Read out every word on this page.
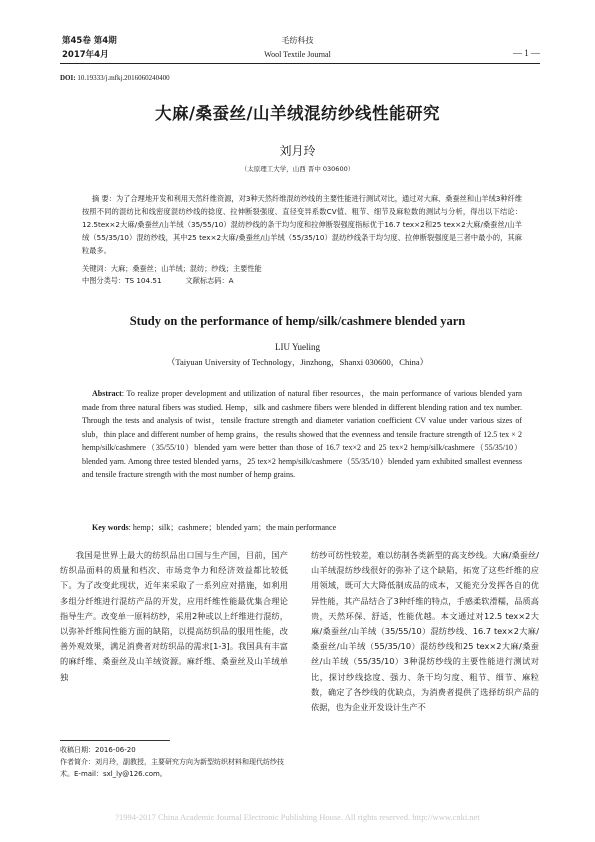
第45卷 第4期
2017年4月
毛纺科技
Wool Textile Journal	— 1 —
DOI: 10.19333/j.mfkj.2016060240400
大麻/桑蚕丝/山羊绒混纺纱线性能研究
刘月玲
（太原理工大学，山西 晋中 030600）

摘 要：为了合理地开发和利用天然纤维资源，对3种天然纤维混纺纱线的主要性能进行测试对比，通过对大麻、桑蚕丝和山羊绒3种纤维按照不同的混纺比和线密度混纺纱线的捻度、拉伸断裂强度、直径变异系数CV值、粗节、细节及麻粒数的测试与分析，得出以下结论：12.5tex×2大麻/桑蚕丝/山羊绒（35/55/10）混纺纱线的条干均匀度和拉伸断裂强度指标优于16.7 tex×2和25 tex×2大麻/桑蚕丝/山羊绒（55/35/10）混纺纱线，其中25 tex×2大麻/桑蚕丝/山羊绒（55/35/10）混纺纱线条干均匀度、拉伸断裂强度是三者中最小的，其麻粒最多。

关键词：大麻；桑蚕丝；山羊绒；混纺；纱线；主要性能
中图分类号：TS 104.51	文献标志码：A
Study on the performance of hemp/silk/cashmere blended yarn
LIU Yueling
（Taiyuan University of Technology，Jinzhong，Shanxi 030600，China）

Abstract: To realize proper development and utilization of natural fiber resources，the main performance of various blended yarn made from three natural fibers was studied. Hemp，silk and cashmere fibers were blended in different blending ration and tex number. Through the tests and analysis of twist，tensile fracture strength and diameter variation coefficient CV value under various sizes of slub，thin place and different number of hemp grains，the results showed that the evenness and tensile fracture strength of 12.5 tex × 2 hemp/silk/cashmere（35/55/10）blended yarn were better than those of 16.7 tex×2 and 25 tex×2 hemp/silk/cashmere（55/35/10）blended yarn. Among three tested blended yarns，25 tex×2 hemp/silk/cashmere（55/35/10）blended yarn exhibited smallest evenness and tensile fracture strength with the most number of hemp grains.

Key words: hemp；silk；cashmere；blended yarn；the main performance

我国是世界上最大的纺织品出口国与生产国，目前，国产纺织品面料的质量和档次、市场竞争力和经济效益都比较低下。为了改变此现状，近年来采取了一系列应对措施，如利用多组分纤维进行混纺产品的开发，应用纤维性能最优集合理论指导生产。改变单一原料纺纱，采用2种或以上纤维进行混纺，以弥补纤维间性能方面的缺陷，以提高纺织品的服用性能，改善外观效果，满足消费者对纺织品的需求[1-3]。我国具有丰富的麻纤维、桑蚕丝及山羊绒资源。麻纤维、桑蚕丝及山羊绒单独

纺纱可纺性较差，难以纺制各类新型的高支纱线。大麻/桑蚕丝/山羊绒混纺纱线很好的弥补了这个缺陷，拓宽了这些纤维的应用领域，既可大大降低制成品的成本，又能充分发挥各自的优异性能，其产品结合了3种纤维的特点，手感柔软滑糯，品质高贵，天然环保、舒适，性能优越。本文通过对12.5 tex×2大麻/桑蚕丝/山羊绒（35/55/10）混纺纱线、16.7 tex×2大麻/桑蚕丝/山羊绒（55/35/10）混纺纱线和25 tex×2大麻/桑蚕丝/山羊绒（55/35/10）3种混纺纱线的主要性能进行测试对比，探讨纱线捻度、强力、条干均匀度、粗节、细节、麻粒数，确定了各纱线的优缺点，为消费者提供了选择纺织产品的依据，也为企业开发设计生产不

收稿日期：2016-06-20
作者简介：刘月玲，副教授，主要研究方向为新型纺织材料和现代纺纱技术。E-mail：sxl_ly@126.com。
?1994-2017 China Academic Journal Electronic Publishing House. All rights reserved. http://www.cnki.net
